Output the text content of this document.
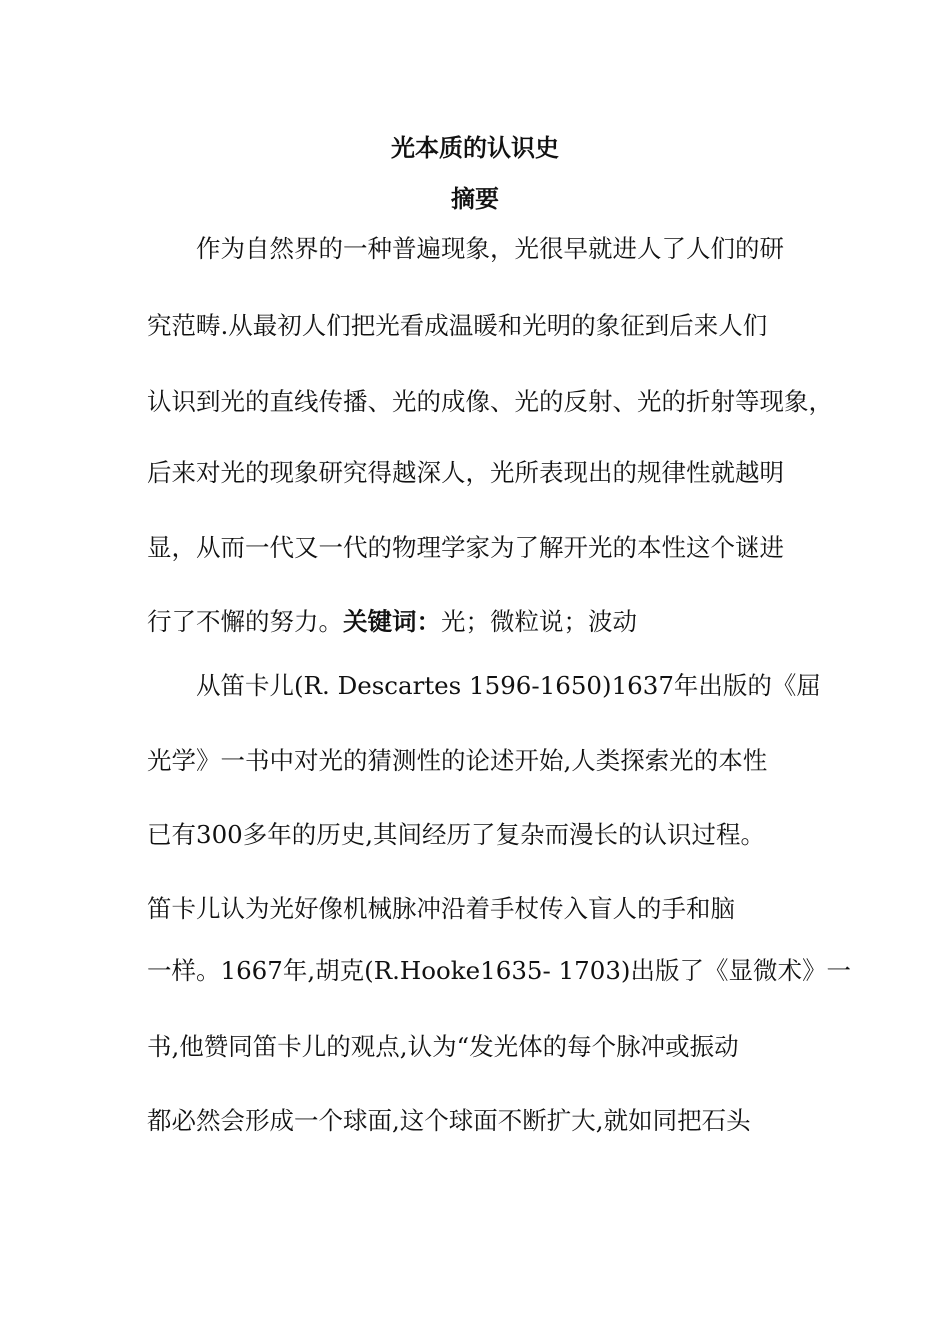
光本质的认识史
摘要

作为自然界的一种普遍现象，光很早就进人了人们的研

究范畴.从最初人们把光看成温暖和光明的象征到后来人们

认识到光的直线传播、光的成像、光的反射、光的折射等现象，

后来对光的现象研究得越深人，光所表现出的规律性就越明

显，从而一代又一代的物理学家为了解开光的本性这个谜进

行了不懈的努力。关键词：光；微粒说；波动

从笛卡儿(R. Descartes 1596-1650)1637年出版的《屈

光学》一书中对光的猜测性的论述开始,人类探索光的本性

已有300多年的历史,其间经历了复杂而漫长的认识过程。

笛卡儿认为光好像机械脉冲沿着手杖传入盲人的手和脑

一样。1667年,胡克(R.Hooke1635- 1703)出版了《显微术》一

书,他赞同笛卡儿的观点,认为“发光体的每个脉冲或振动

都必然会形成一个球面,这个球面不断扩大,就如同把石头
